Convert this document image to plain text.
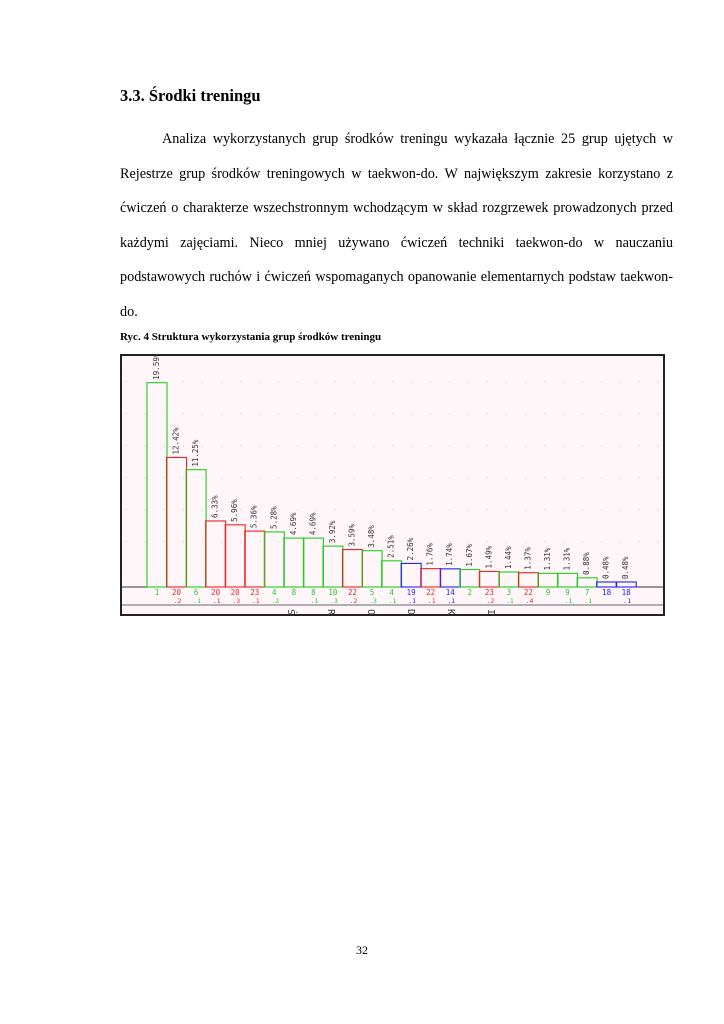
3.3. Środki treningu

Analiza wykorzystanych grup środków treningu wykazała łącznie 25 grup ujętych w Rejestrze grup środków treningowych w taekwon-do. W największym zakresie korzystano z ćwiczeń o charakterze wszechstronnym wchodzącym w skład rozgrzewek prowadzonych przed każdymi zajęciami. Nieco mniej używano ćwiczeń techniki taekwon-do w nauczaniu podstawowych ruchów i ćwiczeń wspomaganych opanowanie elementarnych podstaw taekwon-do.

Ryc. 4 Struktura wykorzystania grup środków treningu
19.59%
1
12.42%
20
.2
11.25%
6
.1
6.33%
20
.1
5.96%
20
.3
5.36%
23
.1
5.28%
4
.2
4.69%
8
4.69%
8
.1
3.92%
10
.3
3.59%
22
.2
3.48%
5
.3
2.51%
4
.1
2.26%
19
.1
1.76%
22
.1
1.74%
14
.1
1.67%
2
1.49%
23
.2
1.44%
3
.1
1.37%
22
.4
1.31%
9
1.31%
9
.1
0.88%
7
.1
0.48%
18
0.48%
18
.1
Ś	R	O	D	K	I
32
